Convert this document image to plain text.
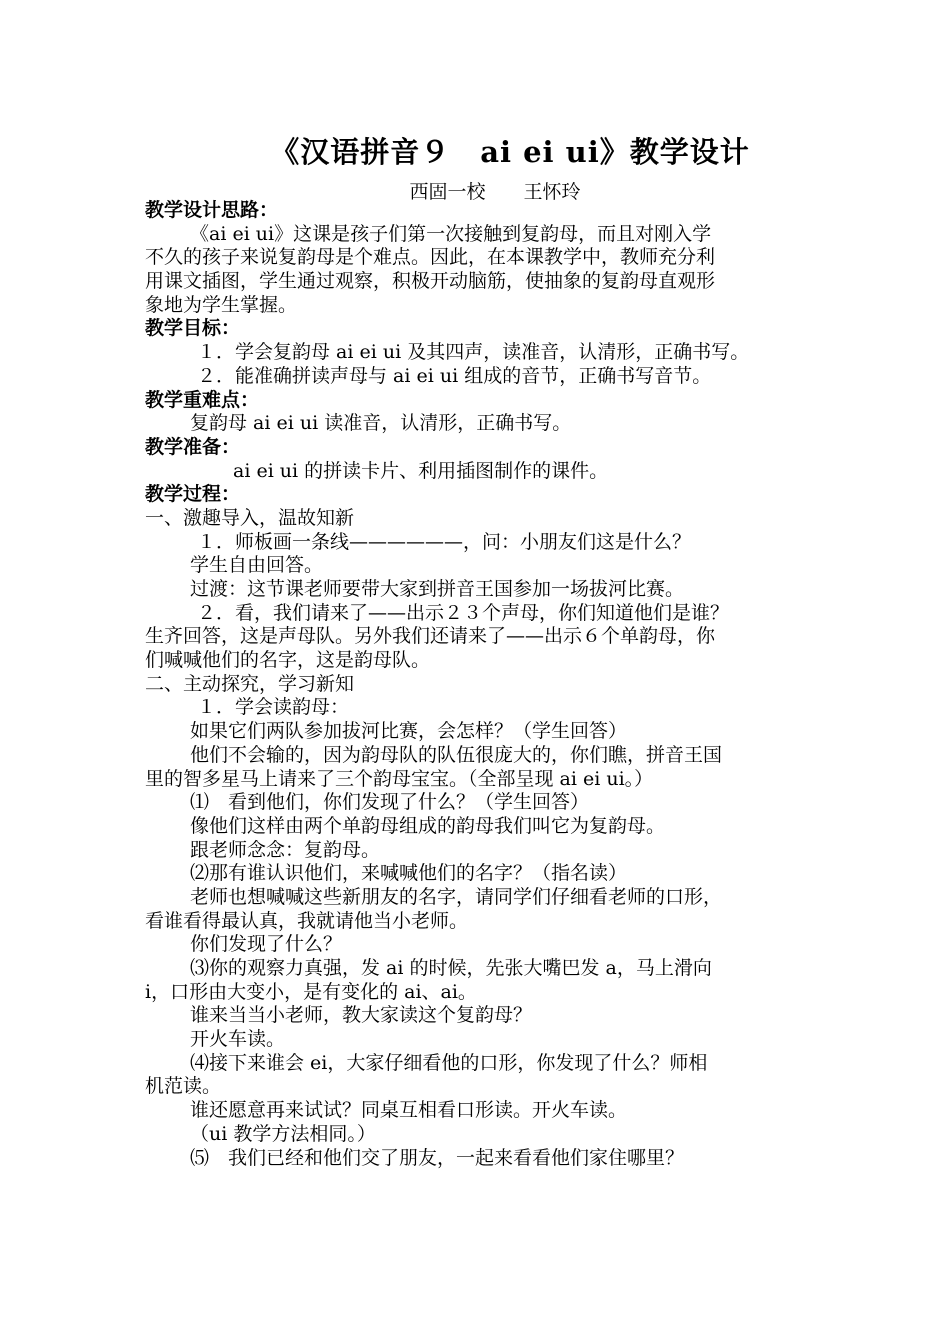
《汉语拼音９　ai ei ui》教学设计
西固一校　　王怀玲
教学设计思路：
《ai ei ui》这课是孩子们第一次接触到复韵母，而且对刚入学
不久的孩子来说复韵母是个难点。因此，在本课教学中，教师充分利
用课文插图，学生通过观察，积极开动脑筋，使抽象的复韵母直观形
象地为学生掌握。
教学目标：
１．学会复韵母 ai ei ui 及其四声，读准音，认清形，正确书写。
２．能准确拼读声母与 ai ei ui 组成的音节，正确书写音节。
教学重难点：
复韵母 ai ei ui 读准音，认清形，正确书写。
教学准备：
ai ei ui 的拼读卡片、利用插图制作的课件。
教学过程：
一、激趣导入，温故知新
１．师板画一条线——————，问：小朋友们这是什么？
学生自由回答。
过渡：这节课老师要带大家到拼音王国参加一场拔河比赛。
２．看，我们请来了——出示２３个声母，你们知道他们是谁？
生齐回答，这是声母队。另外我们还请来了——出示６个单韵母，你
们喊喊他们的名字，这是韵母队。
二、主动探究，学习新知
１．学会读韵母：
如果它们两队参加拔河比赛，会怎样？（学生回答）
他们不会输的，因为韵母队的队伍很庞大的，你们瞧，拼音王国
里的智多星马上请来了三个韵母宝宝。（全部呈现 ai ei ui。）
⑴　看到他们，你们发现了什么？（学生回答）
像他们这样由两个单韵母组成的韵母我们叫它为复韵母。
跟老师念念：复韵母。
⑵那有谁认识他们，来喊喊他们的名字？（指名读）
老师也想喊喊这些新朋友的名字，请同学们仔细看老师的口形，
看谁看得最认真，我就请他当小老师。
你们发现了什么？
⑶你的观察力真强，发 ai 的时候，先张大嘴巴发 a，马上滑向
i，口形由大变小，是有变化的 ai、ai。
谁来当当小老师，教大家读这个复韵母？
开火车读。
⑷接下来谁会 ei，大家仔细看他的口形，你发现了什么？师相
机范读。
谁还愿意再来试试？同桌互相看口形读。开火车读。
（ui 教学方法相同。）
⑸　我们已经和他们交了朋友，一起来看看他们家住哪里？
